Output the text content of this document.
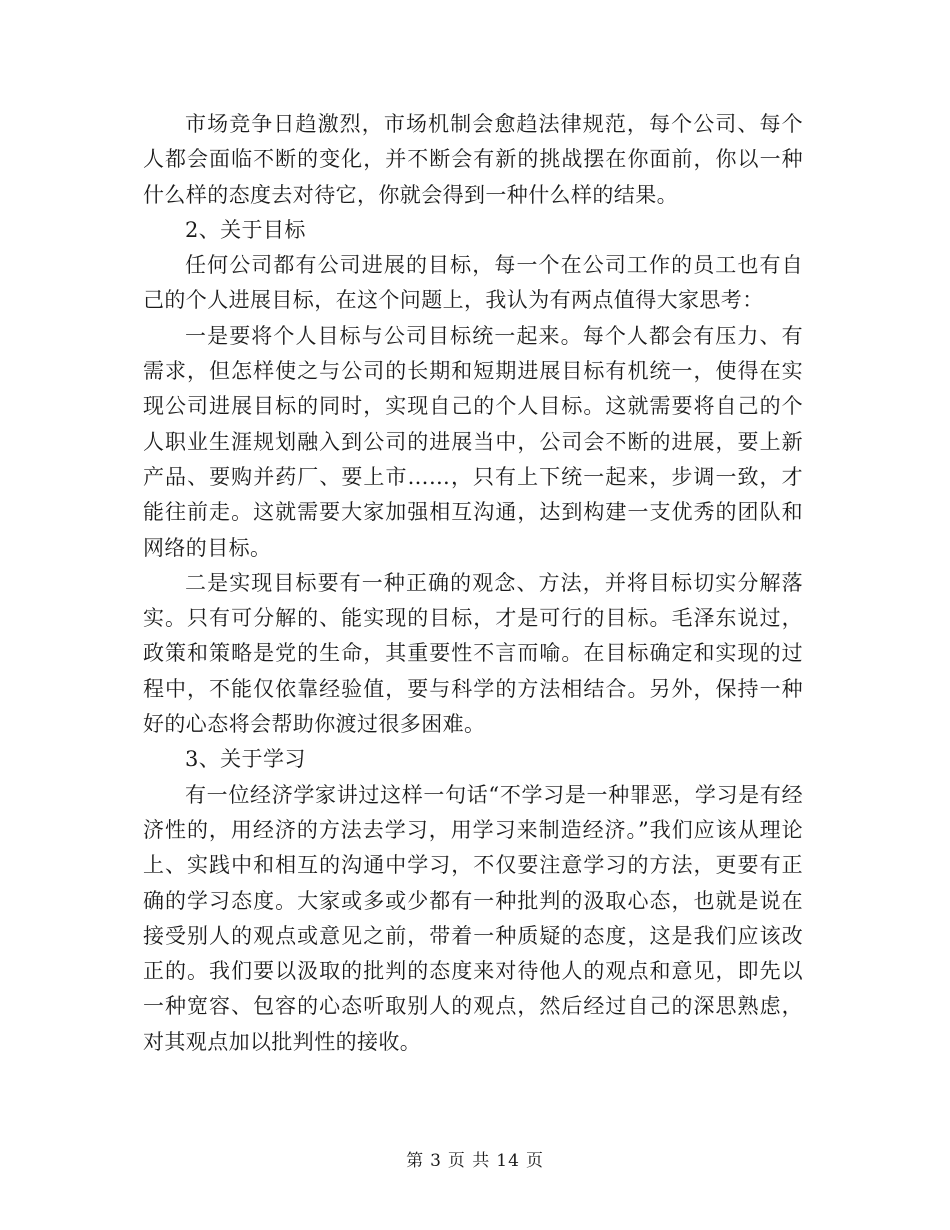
市场竞争日趋激烈，市场机制会愈趋法律规范，每个公司、每个人都会面临不断的变化，并不断会有新的挑战摆在你面前，你以一种什么样的态度去对待它，你就会得到一种什么样的结果。

2、关于目标

任何公司都有公司进展的目标，每一个在公司工作的员工也有自己的个人进展目标，在这个问题上，我认为有两点值得大家思考：

一是要将个人目标与公司目标统一起来。每个人都会有压力、有需求，但怎样使之与公司的长期和短期进展目标有机统一，使得在实现公司进展目标的同时，实现自己的个人目标。这就需要将自己的个人职业生涯规划融入到公司的进展当中，公司会不断的进展，要上新产品、要购并药厂、要上市……，只有上下统一起来，步调一致，才能往前走。这就需要大家加强相互沟通，达到构建一支优秀的团队和网络的目标。

二是实现目标要有一种正确的观念、方法，并将目标切实分解落实。只有可分解的、能实现的目标，才是可行的目标。毛泽东说过，政策和策略是党的生命，其重要性不言而喻。在目标确定和实现的过程中，不能仅依靠经验值，要与科学的方法相结合。另外，保持一种好的心态将会帮助你渡过很多困难。

3、关于学习

有一位经济学家讲过这样一句话“不学习是一种罪恶，学习是有经济性的，用经济的方法去学习，用学习来制造经济。”我们应该从理论上、实践中和相互的沟通中学习，不仅要注意学习的方法，更要有正确的学习态度。大家或多或少都有一种批判的汲取心态，也就是说在接受别人的观点或意见之前，带着一种质疑的态度，这是我们应该改正的。我们要以汲取的批判的态度来对待他人的观点和意见，即先以一种宽容、包容的心态听取别人的观点，然后经过自己的深思熟虑，对其观点加以批判性的接收。

第 3 页 共 14 页
